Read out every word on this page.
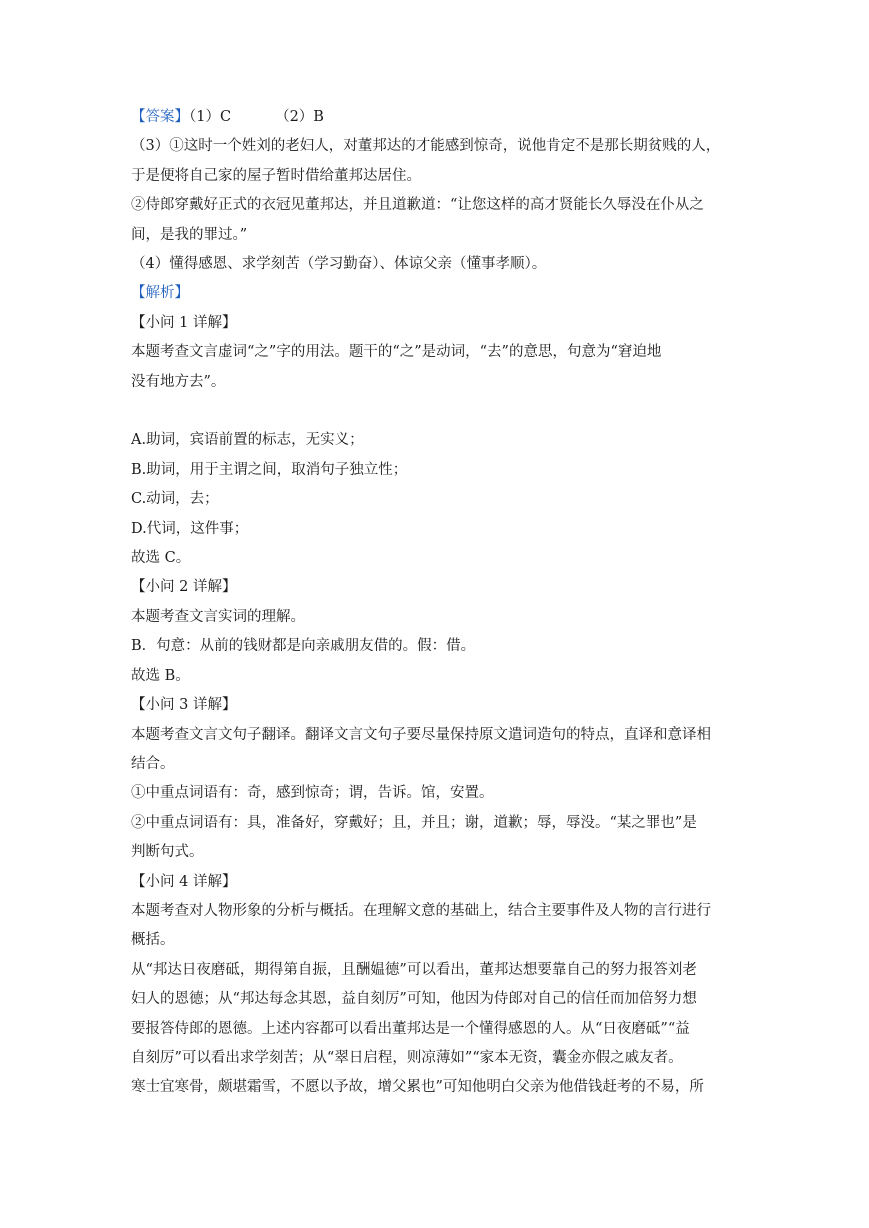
【答案】（1）C	（2）B

（3）①这时一个姓刘的老妇人，对董邦达的才能感到惊奇，说他肯定不是那长期贫贱的人，

于是便将自己家的屋子暂时借给董邦达居住。

②侍郎穿戴好正式的衣冠见董邦达，并且道歉道：“让您这样的高才贤能长久辱没在仆从之

间，是我的罪过。”

（4）懂得感恩、求学刻苦（学习勤奋）、体谅父亲（懂事孝顺）。

【解析】

【小问 1 详解】

本题考查文言虚词“之”字的用法。题干的“之”是动词，“去”的意思，句意为“窘迫地

没有地方去”。

A.助词，宾语前置的标志，无实义；

B.助词，用于主谓之间，取消句子独立性；

C.动词，去；

D.代词，这件事；

故选 C。

【小问 2 详解】

本题考查文言实词的理解。

B．句意：从前的钱财都是向亲戚朋友借的。假：借。

故选 B。

【小问 3 详解】

本题考查文言文句子翻译。翻译文言文句子要尽量保持原文遣词造句的特点，直译和意译相

结合。

①中重点词语有：奇，感到惊奇；谓，告诉。馆，安置。

②中重点词语有：具，准备好，穿戴好；且，并且；谢，道歉；辱，辱没。“某之罪也”是

判断句式。

【小问 4 详解】

本题考查对人物形象的分析与概括。在理解文意的基础上，结合主要事件及人物的言行进行

概括。

从“邦达日夜磨砥，期得第自振，且酬媪德”可以看出，董邦达想要靠自己的努力报答刘老

妇人的恩德；从“邦达每念其恩，益自刻厉”可知，他因为侍郎对自己的信任而加倍努力想

要报答侍郎的恩德。上述内容都可以看出董邦达是一个懂得感恩的人。从“日夜磨砥”“益

自刻厉”可以看出求学刻苦；从“翠日启程，则凉薄如”“家本无资，囊金亦假之戚友者。

寒士宜寒骨，颇堪霜雪，不愿以予故，增父累也”可知他明白父亲为他借钱赶考的不易，所
